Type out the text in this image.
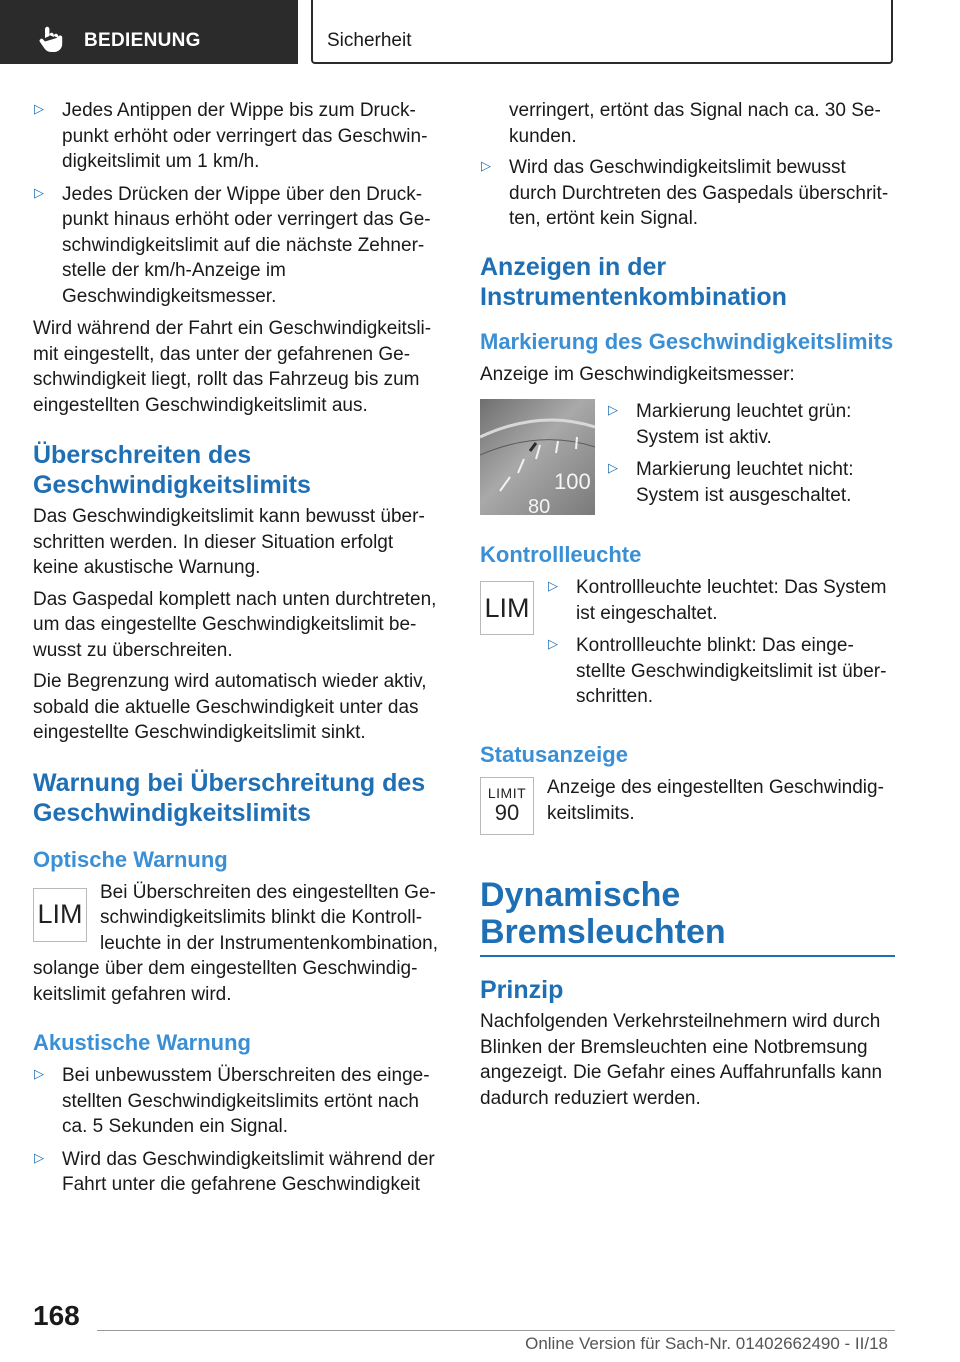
BEDIENUNG	Sicherheit
▷ Jedes Antippen der Wippe bis zum Druckpunkt erhöht oder verringert das Geschwindigkeitslimit um 1 km/h.
▷ Jedes Drücken der Wippe über den Druckpunkt hinaus erhöht oder verringert das Geschwindigkeitslimit auf die nächste Zehnerstelle der km/h-Anzeige im Geschwindigkeitsmesser.

Wird während der Fahrt ein Geschwindigkeitslimit eingestellt, das unter der gefahrenen Geschwindigkeit liegt, rollt das Fahrzeug bis zum eingestellten Geschwindigkeitslimit aus.

Überschreiten des Geschwindigkeitslimits

Das Geschwindigkeitslimit kann bewusst überschritten werden. In dieser Situation erfolgt keine akustische Warnung.

Das Gaspedal komplett nach unten durchtreten, um das eingestellte Geschwindigkeitslimit bewusst zu überschreiten.

Die Begrenzung wird automatisch wieder aktiv, sobald die aktuelle Geschwindigkeit unter das eingestellte Geschwindigkeitslimit sinkt.

Warnung bei Überschreitung des Geschwindigkeitslimits
Optische Warnung
LIM

Bei Überschreiten des eingestellten Geschwindigkeitslimits blinkt die Kontrollleuchte in der Instrumentenkombination,

solange über dem eingestellten Geschwindigkeitslimit gefahren wird.

Akustische Warnung
▷ Bei unbewusstem Überschreiten des eingestellten Geschwindigkeitslimits ertönt nach ca. 5 Sekunden ein Signal.
▷ Wird das Geschwindigkeitslimit während der Fahrt unter die gefahrene Geschwindigkeit

verringert, ertönt das Signal nach ca. 30 Sekunden.

▷ Wird das Geschwindigkeitslimit bewusst durch Durchtreten des Gaspedals überschritten, ertönt kein Signal.
Anzeigen in der Instrumentenkombination
Markierung des Geschwindigkeitslimits

Anzeige im Geschwindigkeitsmesser:

100
80
▷ Markierung leuchtet grün: System ist aktiv.
▷ Markierung leuchtet nicht: System ist ausgeschaltet.
Kontrollleuchte
LIM
▷ Kontrollleuchte leuchtet: Das System ist eingeschaltet.
▷ Kontrollleuchte blinkt: Das eingestellte Geschwindigkeitslimit ist überschritten.
Statusanzeige
LIMIT
90

Anzeige des eingestellten Geschwindigkeitslimits.

Dynamische Bremsleuchten
Prinzip

Nachfolgenden Verkehrsteilnehmern wird durch Blinken der Bremsleuchten eine Notbremsung angezeigt. Die Gefahr eines Auffahrunfalls kann dadurch reduziert werden.

168
Online Version für Sach-Nr. 01402662490 - II/18
